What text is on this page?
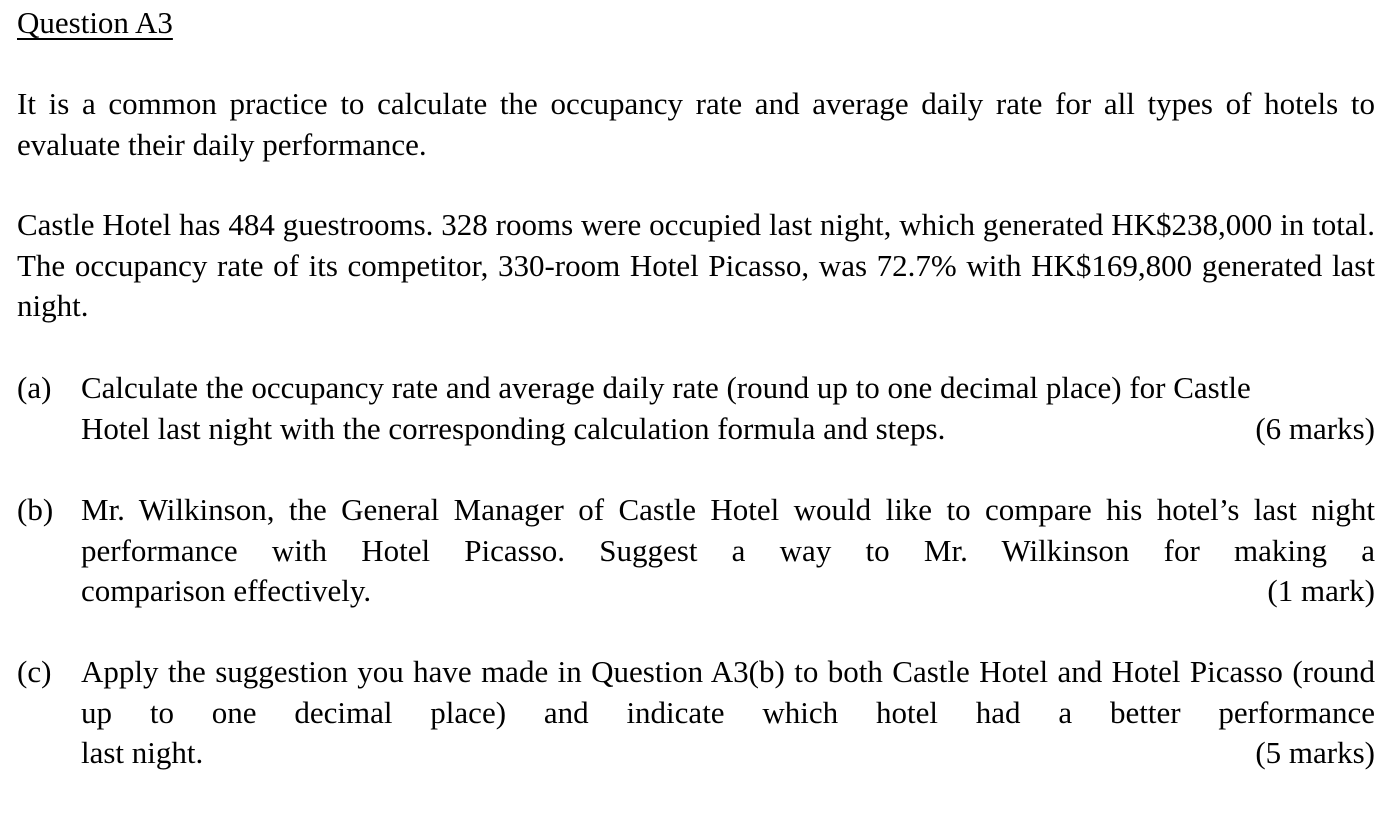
Question A3

It is a common practice to calculate the occupancy rate and average daily rate for all types of hotels to evaluate their daily performance.

Castle Hotel has 484 guestrooms. 328 rooms were occupied last night, which generated HK$238,000 in total. The occupancy rate of its competitor, 330-room Hotel Picasso, was 72.7% with HK$169,800 generated last night.

(a) Calculate the occupancy rate and average daily rate (round up to one decimal place) for Castle
Hotel last night with the corresponding calculation formula and steps.	(6 marks)
(b) Mr. Wilkinson, the General Manager of Castle Hotel would like to compare his hotel’s last night performance with Hotel Picasso. Suggest a way to Mr. Wilkinson for making a
comparison effectively.	(1 mark)
(c) Apply the suggestion you have made in Question A3(b) to both Castle Hotel and Hotel Picasso (round up to one decimal place) and indicate which hotel had a better performance
last night.	(5 marks)
